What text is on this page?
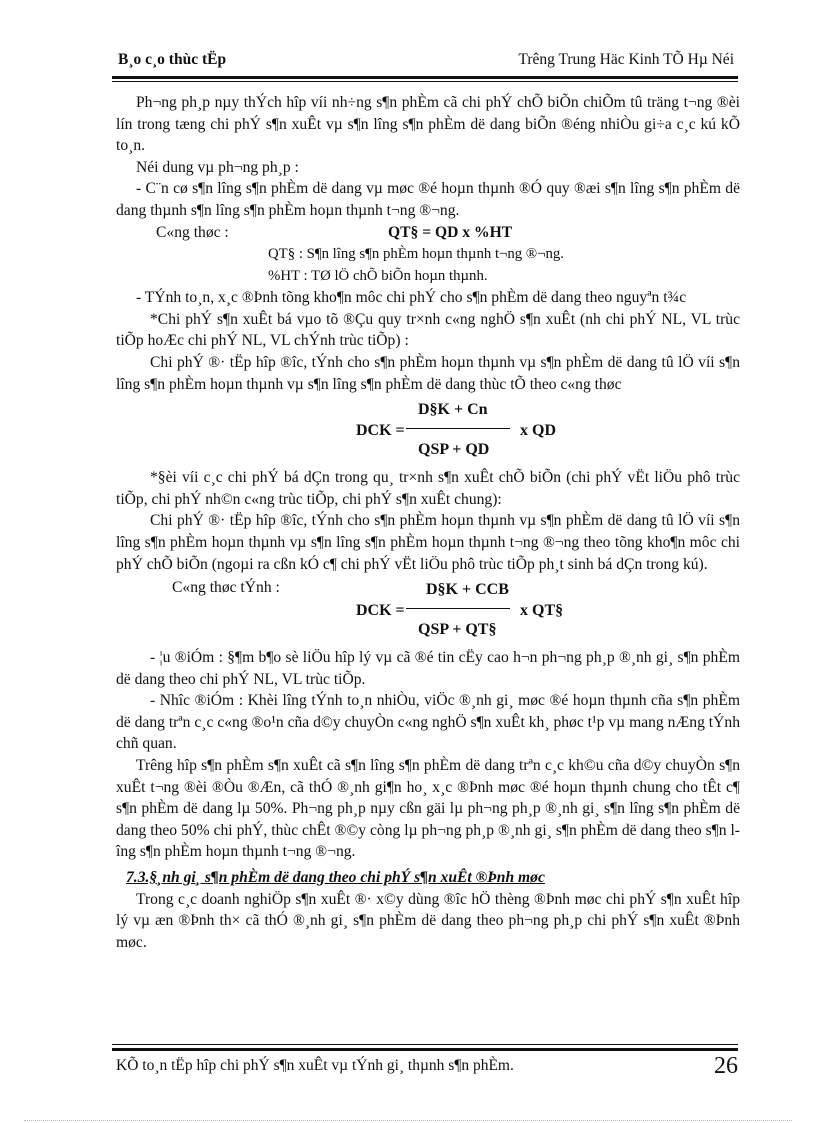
B¸o c¸o thùc tËp	Trêng Trung Häc Kinh TÕ Hµ Néi

Ph¬ng ph¸p nµy thÝch hîp víi nh÷ng s¶n phÈm cã chi phÝ chÕ biÕn chiÕm tû träng t¬ng ®èi lín trong tæng chi phÝ s¶n xuÊt vµ s¶n lîng s¶n phÈm dë dang biÕn ®éng nhiÒu gi÷a c¸c kú kÕ to¸n.

Néi dung vµ ph¬ng ph¸p :

- C¨n cø s¶n lîng s¶n phÈm dë dang vµ møc ®é hoµn thµnh ®Ó quy ®æi s¶n lîng s¶n phÈm dë dang thµnh s¶n lîng s¶n phÈm hoµn thµnh t¬ng ®¬ng.

C«ng thøc :	QT§ = QD x %HT
QT§ : S¶n lîng s¶n phÈm hoµn thµnh t¬ng ®¬ng.
%HT : TØ lÖ chÕ biÕn hoµn thµnh.

- TÝnh to¸n, x¸c ®Þnh tõng kho¶n môc chi phÝ cho s¶n phÈm dë dang theo nguyªn t¾c

*Chi phÝ s¶n xuÊt bá vµo tõ ®Çu quy tr×nh c«ng nghÖ s¶n xuÊt (nh chi phÝ NL, VL trùc tiÕp hoÆc chi phÝ NL, VL chÝnh trùc tiÕp) :

Chi phÝ ®· tËp hîp ®îc, tÝnh cho s¶n phÈm hoµn thµnh vµ s¶n phÈm dë dang tû lÖ víi s¶n lîng s¶n phÈm hoµn thµnh vµ s¶n lîng s¶n phÈm dë dang thùc tÕ theo c«ng thøc

DCK =
D§K + Cn
QSP + QD
x QD

*§èi víi c¸c chi phÝ bá dÇn trong qu¸ tr×nh s¶n xuÊt chÕ biÕn (chi phÝ vËt liÖu phô trùc tiÕp, chi phÝ nh©n c«ng trùc tiÕp, chi phÝ s¶n xuÊt chung):

Chi phÝ ®· tËp hîp ®îc, tÝnh cho s¶n phÈm hoµn thµnh vµ s¶n phÈm dë dang tû lÖ víi s¶n lîng s¶n phÈm hoµn thµnh vµ s¶n lîng s¶n phÈm hoµn thµnh t¬ng ®¬ng theo tõng kho¶n môc chi phÝ chÕ biÕn (ngoµi ra cßn kÓ c¶ chi phÝ vËt liÖu phô trùc tiÕp ph¸t sinh bá dÇn trong kú).

C«ng thøc tÝnh :
DCK =
D§K + CCB
QSP + QT§
x QT§

- ¦u ®iÓm : §¶m b¶o sè liÖu hîp lý vµ cã ®é tin cËy cao h¬n ph¬ng ph¸p ®¸nh gi¸ s¶n phÈm dë dang theo chi phÝ NL, VL trùc tiÕp.

- Nhîc ®iÓm : Khèi lîng tÝnh to¸n nhiÒu, viÖc ®¸nh gi¸ møc ®é hoµn thµnh cña s¶n phÈm dë dang trªn c¸c c«ng ®o¹n cña d©y chuyÒn c«ng nghÖ s¶n xuÊt kh¸ phøc t¹p vµ mang nÆng tÝnh chñ quan.

Trêng hîp s¶n phÈm s¶n xuÊt cã s¶n lîng s¶n phÈm dë dang trªn c¸c kh©u cña d©y chuyÒn s¶n xuÊt t¬ng ®èi ®Òu ®Æn, cã thÓ ®¸nh gi¶n ho¸ x¸c ®Þnh møc ®é hoµn thµnh chung cho tÊt c¶ s¶n phÈm dë dang lµ 50%. Ph¬ng ph¸p nµy cßn gäi lµ ph¬ng ph¸p ®¸nh gi¸ s¶n lîng s¶n phÈm dë dang theo 50% chi phÝ, thùc chÊt ®©y còng lµ ph¬ng ph¸p ®¸nh gi¸ s¶n phÈm dë dang theo s¶n lîng s¶n phÈm hoµn thµnh t¬ng ®¬ng.

7.3.§¸nh gi¸ s¶n phÈm dë dang theo chi phÝ s¶n xuÊt ®Þnh møc

Trong c¸c doanh nghiÖp s¶n xuÊt ®· x©y dùng ®îc hÖ thèng ®Þnh møc chi phÝ s¶n xuÊt hîp lý vµ æn ®Þnh th× cã thÓ ®¸nh gi¸ s¶n phÈm dë dang theo ph¬ng ph¸p chi phÝ s¶n xuÊt ®Þnh møc.

KÕ to¸n tËp hîp chi phÝ s¶n xuÊt vµ tÝnh gi¸ thµnh s¶n phÈm.	26
